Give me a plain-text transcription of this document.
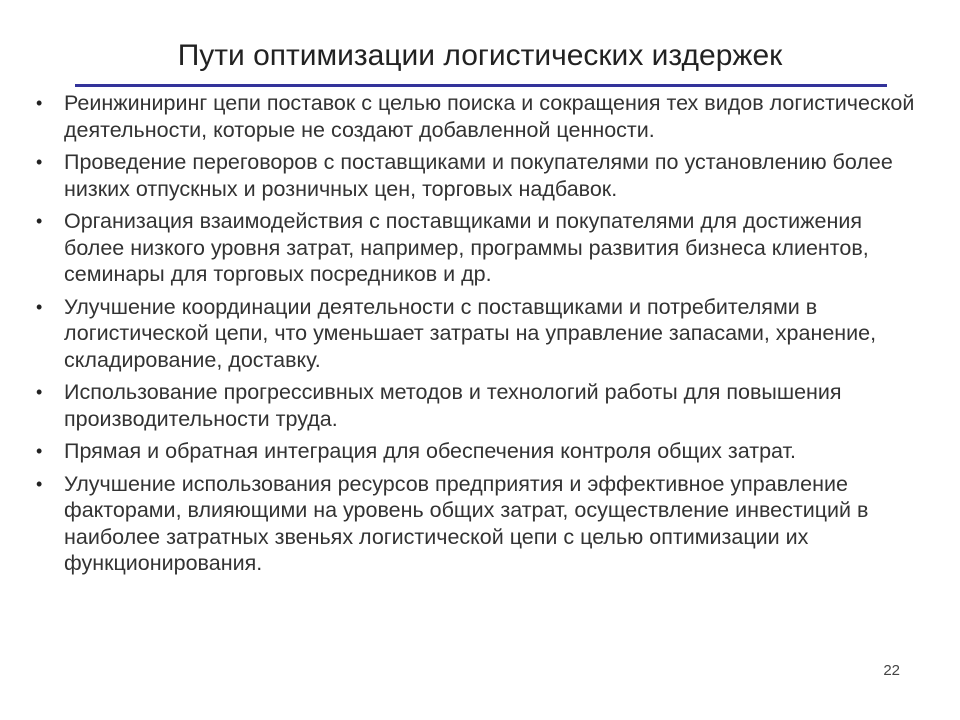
Пути оптимизации логистических издержек
• Реинжиниринг цепи поставок с целью поиска и сокращения тех видов логистической деятельности, которые не создают добавленной ценности.
• Проведение переговоров с поставщиками и покупателями по установлению более низких отпускных и розничных цен, торговых надбавок.
• Организация взаимодействия с поставщиками и покупателями для достижения более низкого уровня затрат, например, программы развития бизнеса клиентов, семинары для торговых посредников и др.
• Улучшение координации деятельности с поставщиками и потребителями в логистической цепи, что уменьшает затраты на управление запасами, хранение, складирование, доставку.
• Использование прогрессивных методов и технологий работы для повышения производительности труда.
• Прямая и обратная интеграция для обеспечения контроля общих затрат.
• Улучшение использования ресурсов предприятия и эффективное управление факторами, влияющими на уровень общих затрат, осуществление инвестиций в наиболее затратных звеньях логистической цепи с целью оптимизации их функционирования.
22
